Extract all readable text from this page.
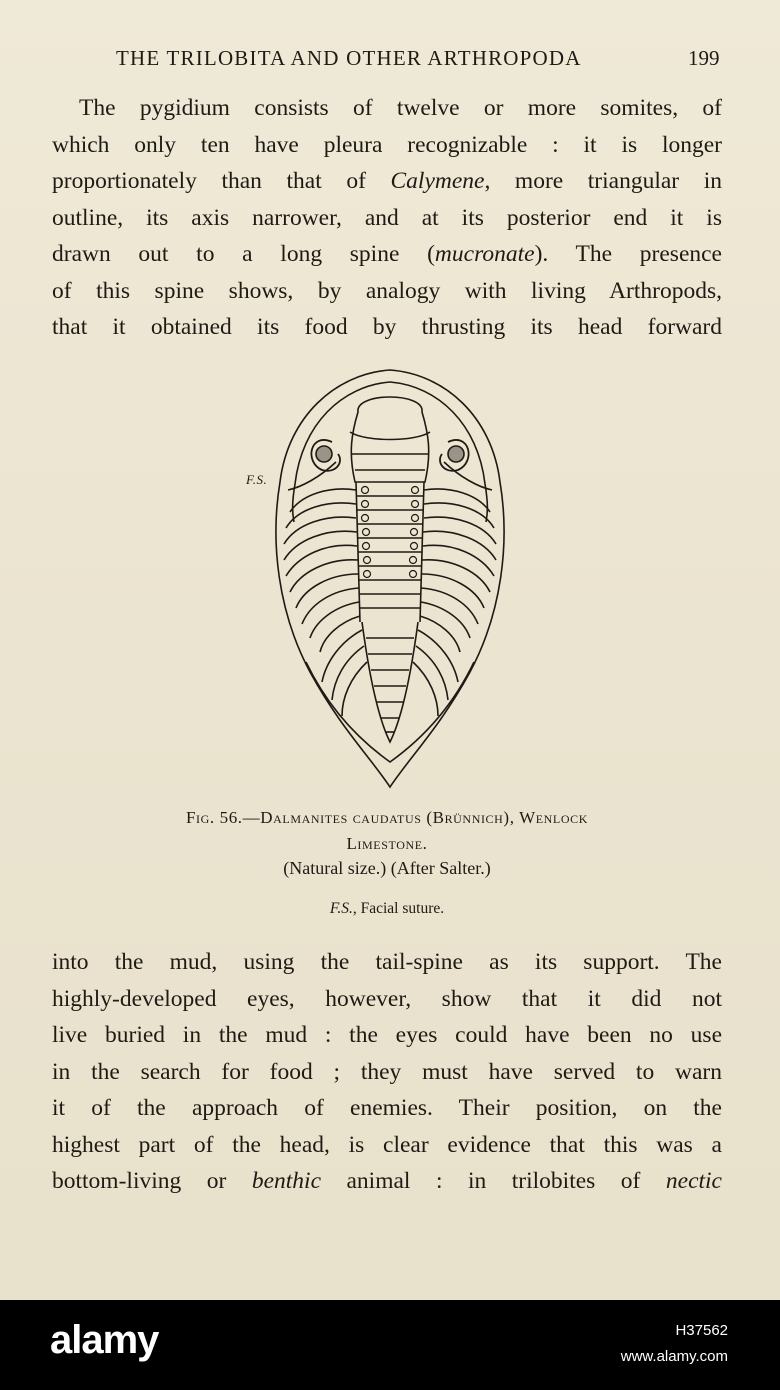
THE TRILOBITA AND OTHER ARTHROPODA	199
The pygidium consists of twelve or more somites, of
which only ten have pleura recognizable : it is longer
proportionately than that of Calymene, more triangular in
outline, its axis narrower, and at its posterior end it is
drawn out to a long spine (mucronate). The presence
of this spine shows, by analogy with living Arthropods,
that it obtained its food by thrusting its head forward
F.S.
Fig. 56.—Dalmanites caudatus (Brünnich), Wenlock
Limestone.
(Natural size.) (After Salter.)
F.S., Facial suture.
into the mud, using the tail-spine as its support. The
highly-developed eyes, however, show that it did not
live buried in the mud : the eyes could have been no use
in the search for food ; they must have served to warn
it of the approach of enemies. Their position, on the
highest part of the head, is clear evidence that this was a
bottom-living or benthic animal : in trilobites of nectic
alamy	H37562
www.alamy.com
